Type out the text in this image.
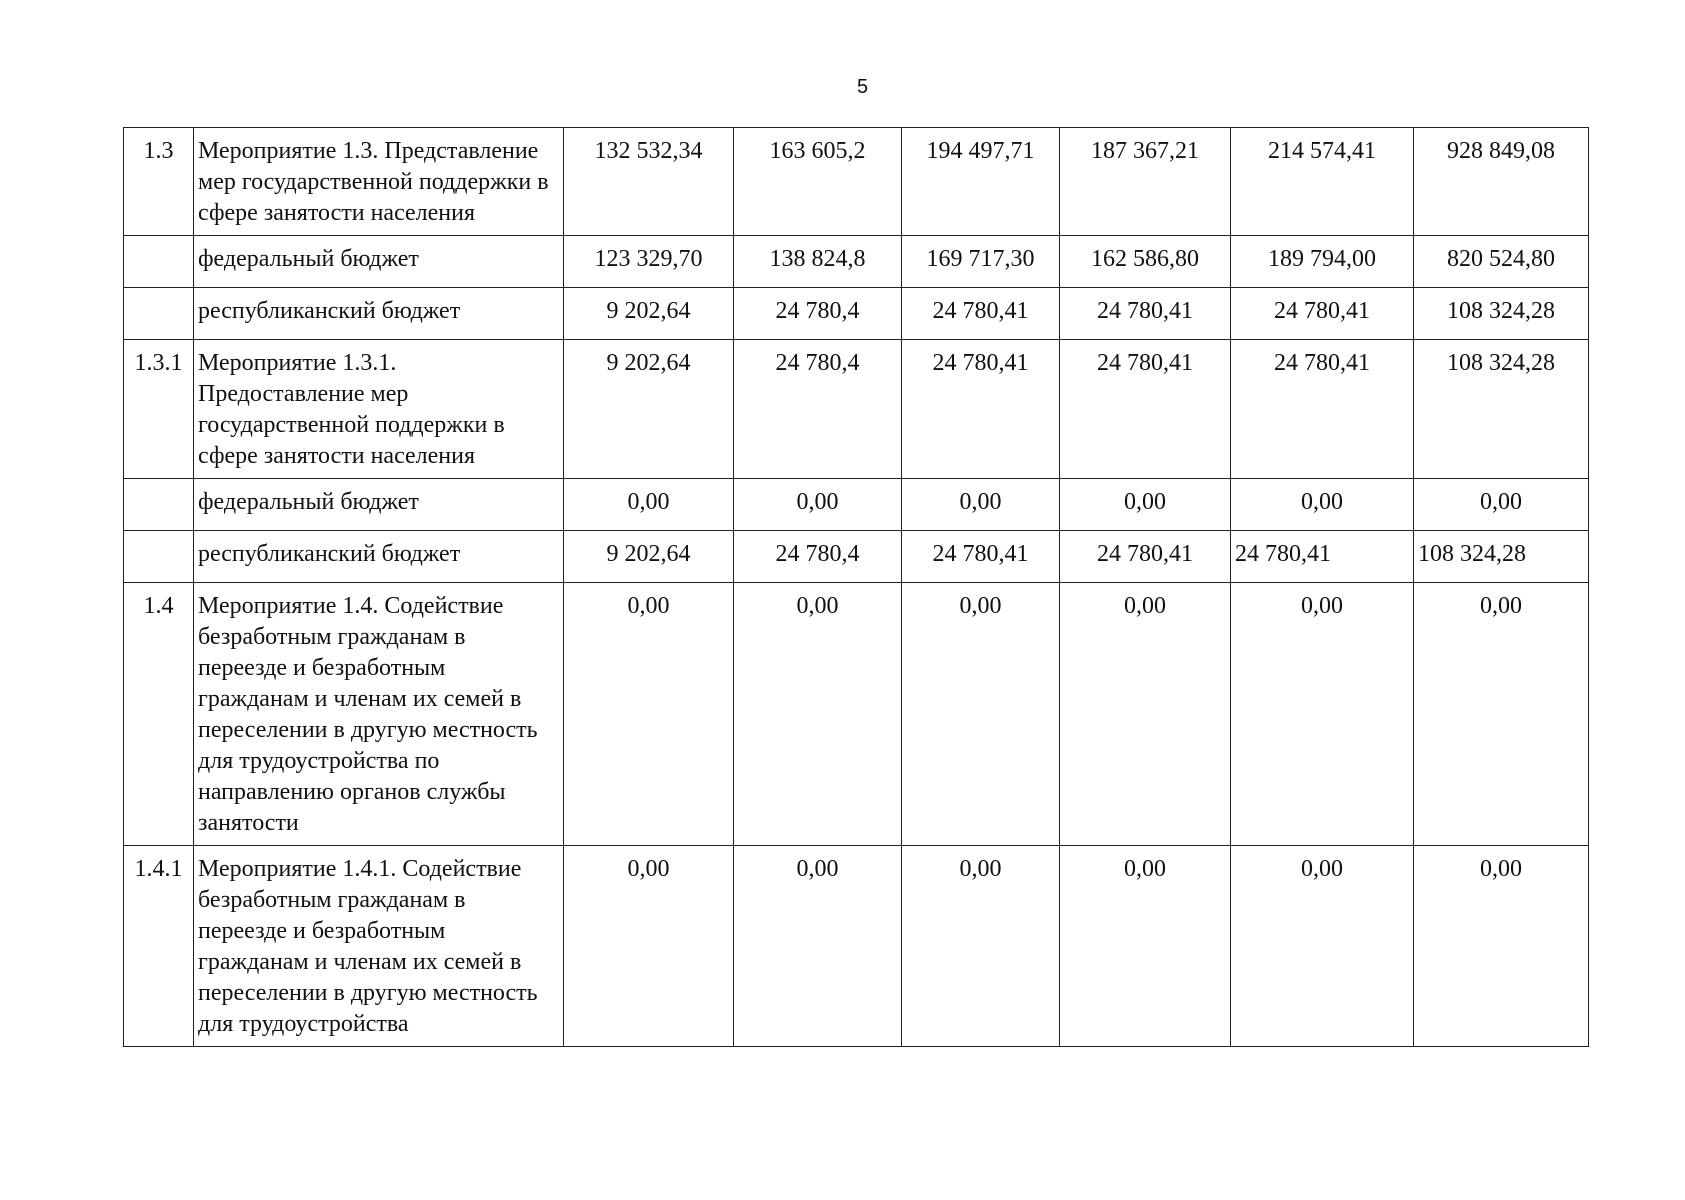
5
1.3	Мероприятие 1.3. Представление мер государственной поддержки в сфере занятости населения	132 532,34	163 605,2	194 497,71	187 367,21	214 574,41	928 849,08
	федеральный бюджет	123 329,70	138 824,8	169 717,30	162 586,80	189 794,00	820 524,80
	республиканский бюджет	9 202,64	24 780,4	24 780,41	24 780,41	24 780,41	108 324,28
1.3.1	Мероприятие 1.3.1. Предоставление мер государственной поддержки в сфере занятости населения	9 202,64	24 780,4	24 780,41	24 780,41	24 780,41	108 324,28
	федеральный бюджет	0,00	0,00	0,00	0,00	0,00	0,00
	республиканский бюджет	9 202,64	24 780,4	24 780,41	24 780,41	24 780,41	108 324,28
1.4	Мероприятие 1.4. Содействие безработным гражданам в переезде и безработным гражданам и членам их семей в переселении в другую местность для трудоустройства по направлению органов службы занятости	0,00	0,00	0,00	0,00	0,00	0,00
1.4.1	Мероприятие 1.4.1. Содействие безработным гражданам в переезде и безработным гражданам и членам их семей в переселении в другую местность для трудоустройства	0,00	0,00	0,00	0,00	0,00	0,00
